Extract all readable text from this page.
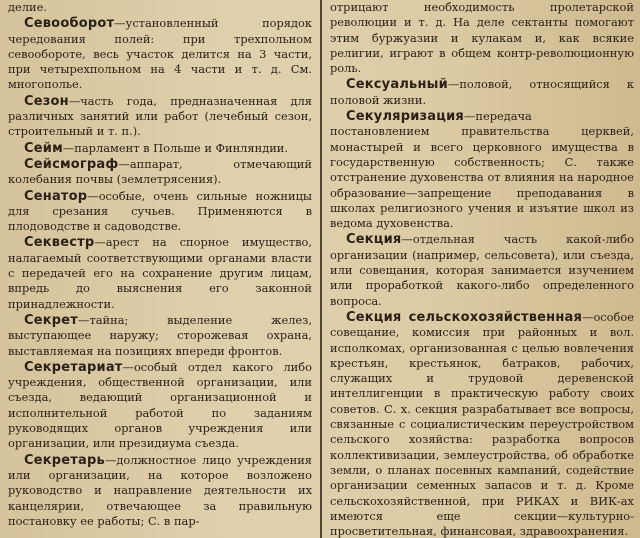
делие.
Севооборот—установленный порядок чередования полей: при трехпольном севообороте, весь участок делится на 3 части, при четырехпольном на 4 части и т. д. См. многополье.
Сезон—часть года, предназначенная для различных занятий или работ (лечебный сезон, строительный и т. п.).
Сейм—парламент в Польше и Финляндии.
Сейсмограф—аппарат, отмечающий колебания почвы (землетрясения).
Сенатор—особые, очень сильные ножницы для срезания сучьев. Применяются в плодоводстве и садоводстве.
Секвестр—арест на спорное имущество, налагаемый соответствующими органами власти с передачей его на сохранение другим лицам, впредь до выяснения его законной принадлежности.
Секрет—тайна; выделение желез, выступающее наружу; сторожевая охрана, выставляемая на позициях впереди фронтов.
Секретариат—особый отдел какого либо учреждения, общественной организации, или съезда, ведающий организационной и исполнительной работой по заданиям руководящих органов учреждения или организации, или президиума съезда.
Секретарь—должностное лицо учреждения или организации, на которое возложено руководство и направление деятельности их канцелярии, отвечающее за правильную постановку ее работы; С. в пар-
отрицают необходимость пролетарской революции и т. д. На деле сектанты помогают этим буржуазии и кулакам и, как всякие религии, играют в общем контр-революционную роль.
Сексуальный—половой, относящийся к половой жизни.
Секуляризация—передача постановлением правительства церквей, монастырей и всего церковного имущества в государственную собственность; С. также отстранение духовенства от влияния на народное образование—запрещение преподавания в школах религиозного учения и изъятие школ из ведома духовенства.
Секция—отдельная часть какой-либо организации (например, сельсовета), или съезда, или совещания, которая занимается изучением или проработкой какого-либо определенного вопроса.
Секция сельскохозяйственная—особое совещание, комиссия при районных и вол. исполкомах, организованная с целью вовлечения крестьян, крестьянок, батраков, рабочих, служащих и трудовой деревенской интеллигенции в практическую работу своих советов. С. х. секция разрабатывает все вопросы, связанные с социалистическим переустройством сельского хозяйства: разработка вопросов коллективизации, землеустройства, об обработке земли, о планах посевных кампаний, содействие организации семенных запасов и т. д. Кроме сельскохозяйственной, при РИКАХ и ВИК-ах имеются еще секции—культурно-просветительная, финансовая, здравоохранения.
